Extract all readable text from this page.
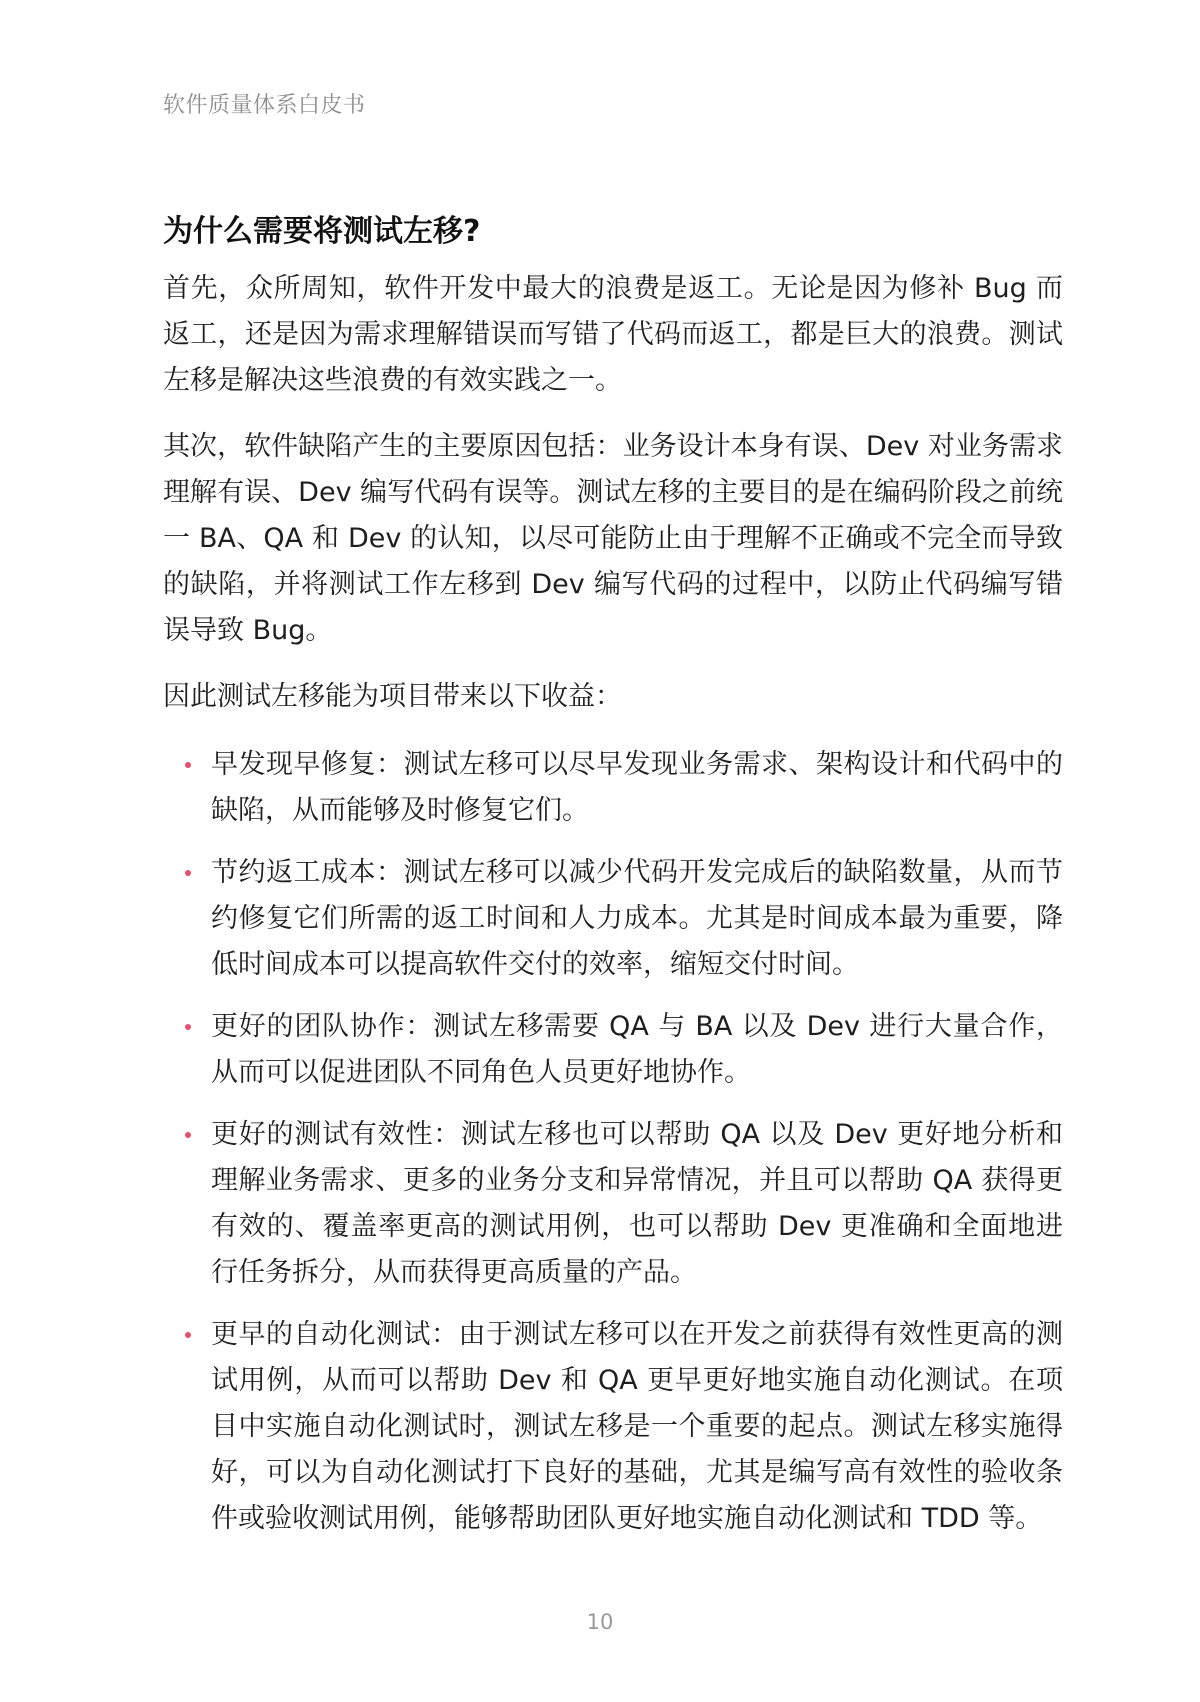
软件质量体系白皮书
为什么需要将测试左移?

首先，众所周知，软件开发中最大的浪费是返工。无论是因为修补 Bug 而返工，还是因为需求理解错误而写错了代码而返工，都是巨大的浪费。测试左移是解决这些浪费的有效实践之一。

其次，软件缺陷产生的主要原因包括：业务设计本身有误、Dev 对业务需求理解有误、Dev 编写代码有误等。测试左移的主要目的是在编码阶段之前统一 BA、QA 和 Dev 的认知，以尽可能防止由于理解不正确或不完全而导致的缺陷，并将测试工作左移到 Dev 编写代码的过程中，以防止代码编写错误导致 Bug。

因此测试左移能为项目带来以下收益：

早发现早修复：测试左移可以尽早发现业务需求、架构设计和代码中的缺陷，从而能够及时修复它们。
节约返工成本：测试左移可以减少代码开发完成后的缺陷数量，从而节约修复它们所需的返工时间和人力成本。尤其是时间成本最为重要，降低时间成本可以提高软件交付的效率，缩短交付时间。
更好的团队协作：测试左移需要 QA 与 BA 以及 Dev 进行大量合作，从而可以促进团队不同角色人员更好地协作。
更好的测试有效性：测试左移也可以帮助 QA 以及 Dev 更好地分析和理解业务需求、更多的业务分支和异常情况，并且可以帮助 QA 获得更有效的、覆盖率更高的测试用例，也可以帮助 Dev 更准确和全面地进行任务拆分，从而获得更高质量的产品。
更早的自动化测试：由于测试左移可以在开发之前获得有效性更高的测试用例，从而可以帮助 Dev 和 QA 更早更好地实施自动化测试。在项目中实施自动化测试时，测试左移是一个重要的起点。测试左移实施得好，可以为自动化测试打下良好的基础，尤其是编写高有效性的验收条件或验收测试用例，能够帮助团队更好地实施自动化测试和 TDD 等。
10
